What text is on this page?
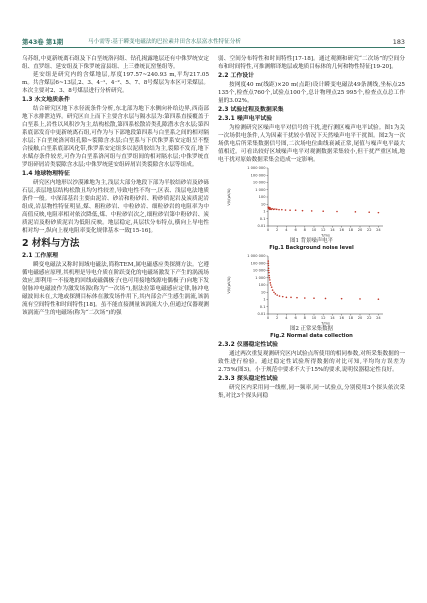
第43卷 第1期	马小需等:基于瞬变电磁法的巴拉素井田含水层富水性特征分析	183

乌苏组,中更新统离石组及下白垩统洛河组、钻孔揭露地层还有中侏罗统安定组、直罗组、延安组及下侏罗统富县组、上三叠统瓦窑堡组等。

延安组是研究内的含煤地层,厚度197.57~240.93 m,平均217.05 m。共含煤层6~13层,2、3、4⁻¹、4⁻²、5、7、8号煤层为本区可采煤层。本次主要对2、3、8号煤层进行分析研究。

1.3 水文地质条件

结合研究区地下水径流条件分析,东北部为地下水侧向补给边界,西南部地下水排泄边界。研究区自上而下主要含水层与隔水层为:第四系直接覆盖于白垩系上,岩性以风积沙为主,结构松散,第四系松散岩类孔隙潜水含水层;第四系底部发育中更新统离石组,可作为与下部地段第四系与白垩系之间的相对隔水层;下白垩统洛河组孔隙~裂隙含水层;白垩系与下伏侏罗系安定组呈不整合接触,白垩系底部风化带,侏罗系安定组多以泥质胶结为主,裂隙不发育,地下水赋存条件较差,可作为白垩系洛河组与直罗组间的相对隔水层;中侏罗统直罗组碎屑岩类裂隙含水层;中侏罗统延安组碎屑岩类裂隙含水层等组成。

1.4 地球物理特征

研究区内地形以沙漠滩地为主,浅层大部分地段下部为半胶结砂岩及砂砾石层,表层地层结构松散且均匀性较差,导致电性不均一,区表、浅层电法地质条件一般。中深部基岩主要由泥岩、砂岩和粉砂岩、粉砂质泥岩及炭质泥岩组成,岩层物性特征明显,煤、粗粒砂岩、中粒砂岩、细粒砂岩的电阻率为中高值反映,电阻率相对依次降低,煤、中粒砂岩次之,细粒砂岩第中粉砂岩、炭质泥岩及粉砂质泥岩为低阻反映。地层稳定,具层状分布特点,横向上导电性相对均一,纵向上视电阻率变化规律基本一致[15-16]。

2 材料与方法
2.1 工作原理

瞬变电磁法又称时间域电磁法,简称TEM,属电磁感应类探测方法。它遵循电磁感应原理,其机理是导电介质在阶跃变化的电磁场激发下产生的涡流场效应,即利用一不接地的回线或磁偶极子(也可用接地线源电偶极子)向地下发射脉冲电磁波作为激发场源(称为“一次场”),据法拉第电磁感应定律,脉冲电磁波间未在,大地或探测目标体在激发场作用下,其内部会产生感生涡流,该涡流有空间特性和时间特性[18]。虽不能直接测量该涡流大小,但通过仪器观测该涡流产生的电磁场(称为“二次场”)的强

弱、空间分布特性和时间特性[17-18]。通过观测和研究“二次场”的空间分布和时间特性,可推测解译地层或地质目标体的几何和物性特征[19-20]。

2.2 工作设计

按网度40 m(线距)×20 m(点距)设计瞬变电磁法49条测线,坐标点25 135个,检查点760个,试验点100个,总计物理点25 995个,检查点点总工作量的3.02%。

2.3 试验过程及数据采集
2.3.1 噪声电平试验

为检测研究区噪声电平对信号的干扰,进行测区噪声电平试验。图1为关一次场供电条件,人为因素干扰较小情况下天然噪声电平干扰图。图2为一次场供电后所采集数据信号图,二次场电位曲线衰减正常,尾值与噪声电平最大值相近。可看出较好区域噪声电平对观测数据采集较小,但干扰严重区域,地电干扰对原始数据采集会造成一定影响。

0.01
0.1
1
10
100
1 000
10 000
100 000
1 000 000
0 2 4 6 8 10 12 14 16 18 20 22 24
T/ms
V/I/(μV/A)
图1 背景噪声电平
Fig.1 Background noise level
0.01
0.1
1
10
100
1 000
10 000
100 000
1 000 000
0 2 4 6 8 10 12 14 16 18 20 22 24
T/ms
V/I/(μV/A)
图2 正常采集数据
Fig.2 Normal data collection
2.3.2 仪器稳定性试验

通过两次重复观测研究区内试验点所使用的相同参数,对所采集数据的一致性进行检验。通过稳定性试验所得数据的对比可知,平均均方误差为2.75%(图3)。小于规范中要求不大于15%的要求,说明仪器稳定性良好。

2.3.3 探头稳定性试验

研究区内采用同一线框,同一频率,同一试验点,分别使用3个探头依次采集,对比3个探头同稳
